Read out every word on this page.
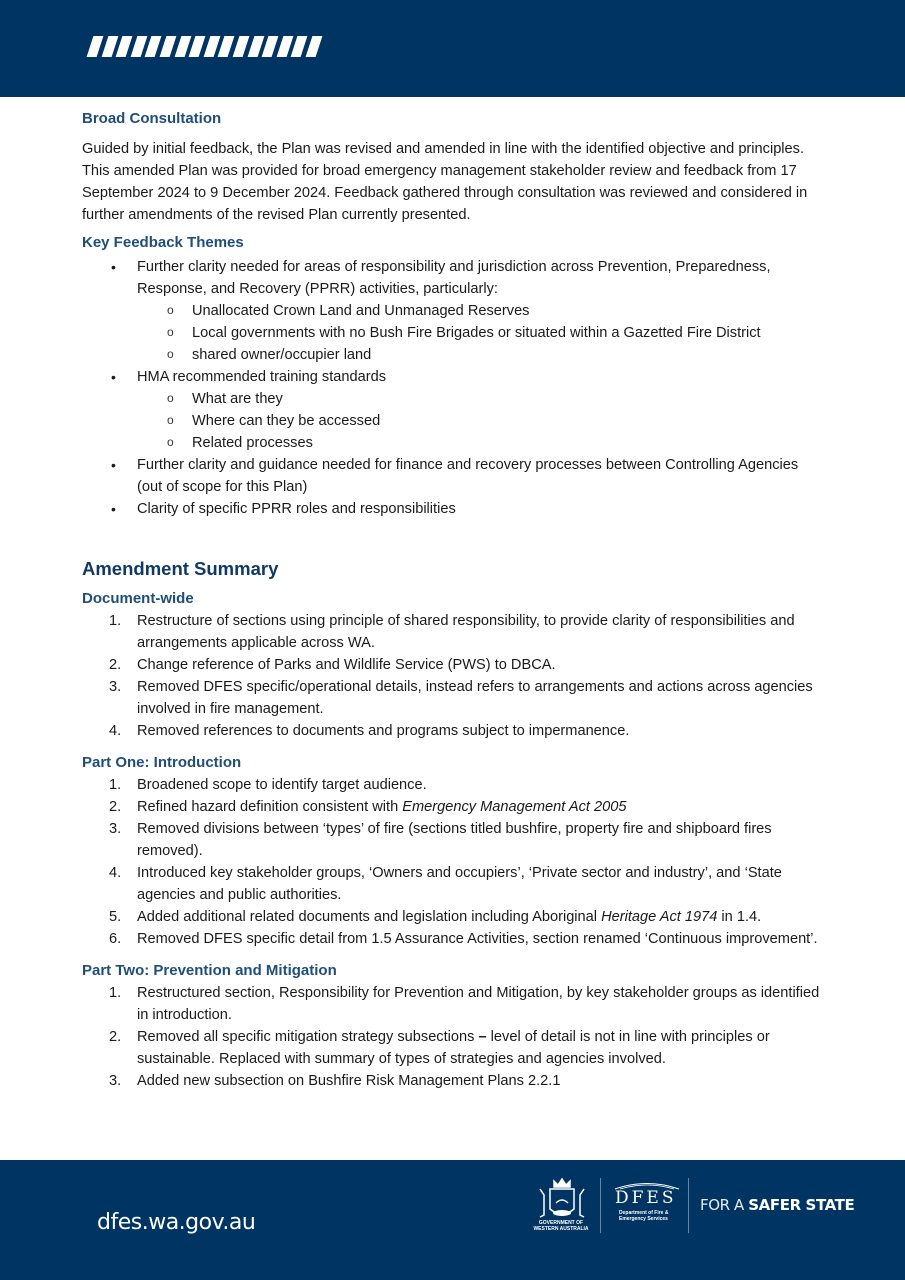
Broad Consultation

Guided by initial feedback, the Plan was revised and amended in line with the identified objective and principles. This amended Plan was provided for broad emergency management stakeholder review and feedback from 17 September 2024 to 9 December 2024. Feedback gathered through consultation was reviewed and considered in further amendments of the revised Plan currently presented.

Key Feedback Themes
• Further clarity needed for areas of responsibility and jurisdiction across Prevention, Preparedness, Response, and Recovery (PPRR) activities, particularly:
o Unallocated Crown Land and Unmanaged Reserves
o Local governments with no Bush Fire Brigades or situated within a Gazetted Fire District
o shared owner/occupier land
• HMA recommended training standards
o What are they
o Where can they be accessed
o Related processes
• Further clarity and guidance needed for finance and recovery processes between Controlling Agencies (out of scope for this Plan)
• Clarity of specific PPRR roles and responsibilities
Amendment Summary
Document-wide
1. Restructure of sections using principle of shared responsibility, to provide clarity of responsibilities and arrangements applicable across WA.
2. Change reference of Parks and Wildlife Service (PWS) to DBCA.
3. Removed DFES specific/operational details, instead refers to arrangements and actions across agencies involved in fire management.
4. Removed references to documents and programs subject to impermanence.
Part One: Introduction
1. Broadened scope to identify target audience.
2. Refined hazard definition consistent with Emergency Management Act 2005
3. Removed divisions between ‘types’ of fire (sections titled bushfire, property fire and shipboard fires removed).
4. Introduced key stakeholder groups, ‘Owners and occupiers’, ‘Private sector and industry’, and ‘State agencies and public authorities.
5. Added additional related documents and legislation including Aboriginal Heritage Act 1974 in 1.4.
6. Removed DFES specific detail from 1.5 Assurance Activities, section renamed ‘Continuous improvement’.
Part Two: Prevention and Mitigation
1. Restructured section, Responsibility for Prevention and Mitigation, by key stakeholder groups as identified in introduction.
2. Removed all specific mitigation strategy subsections – level of detail is not in line with principles or sustainable. Replaced with summary of types of strategies and agencies involved.
3. Added new subsection on Bushfire Risk Management Plans 2.2.1
dfes.wa.gov.au	GOVERNMENT OF WESTERN AUSTRALIA
DFES
Department of Fire & Emergency Services
FOR A SAFER STATE
